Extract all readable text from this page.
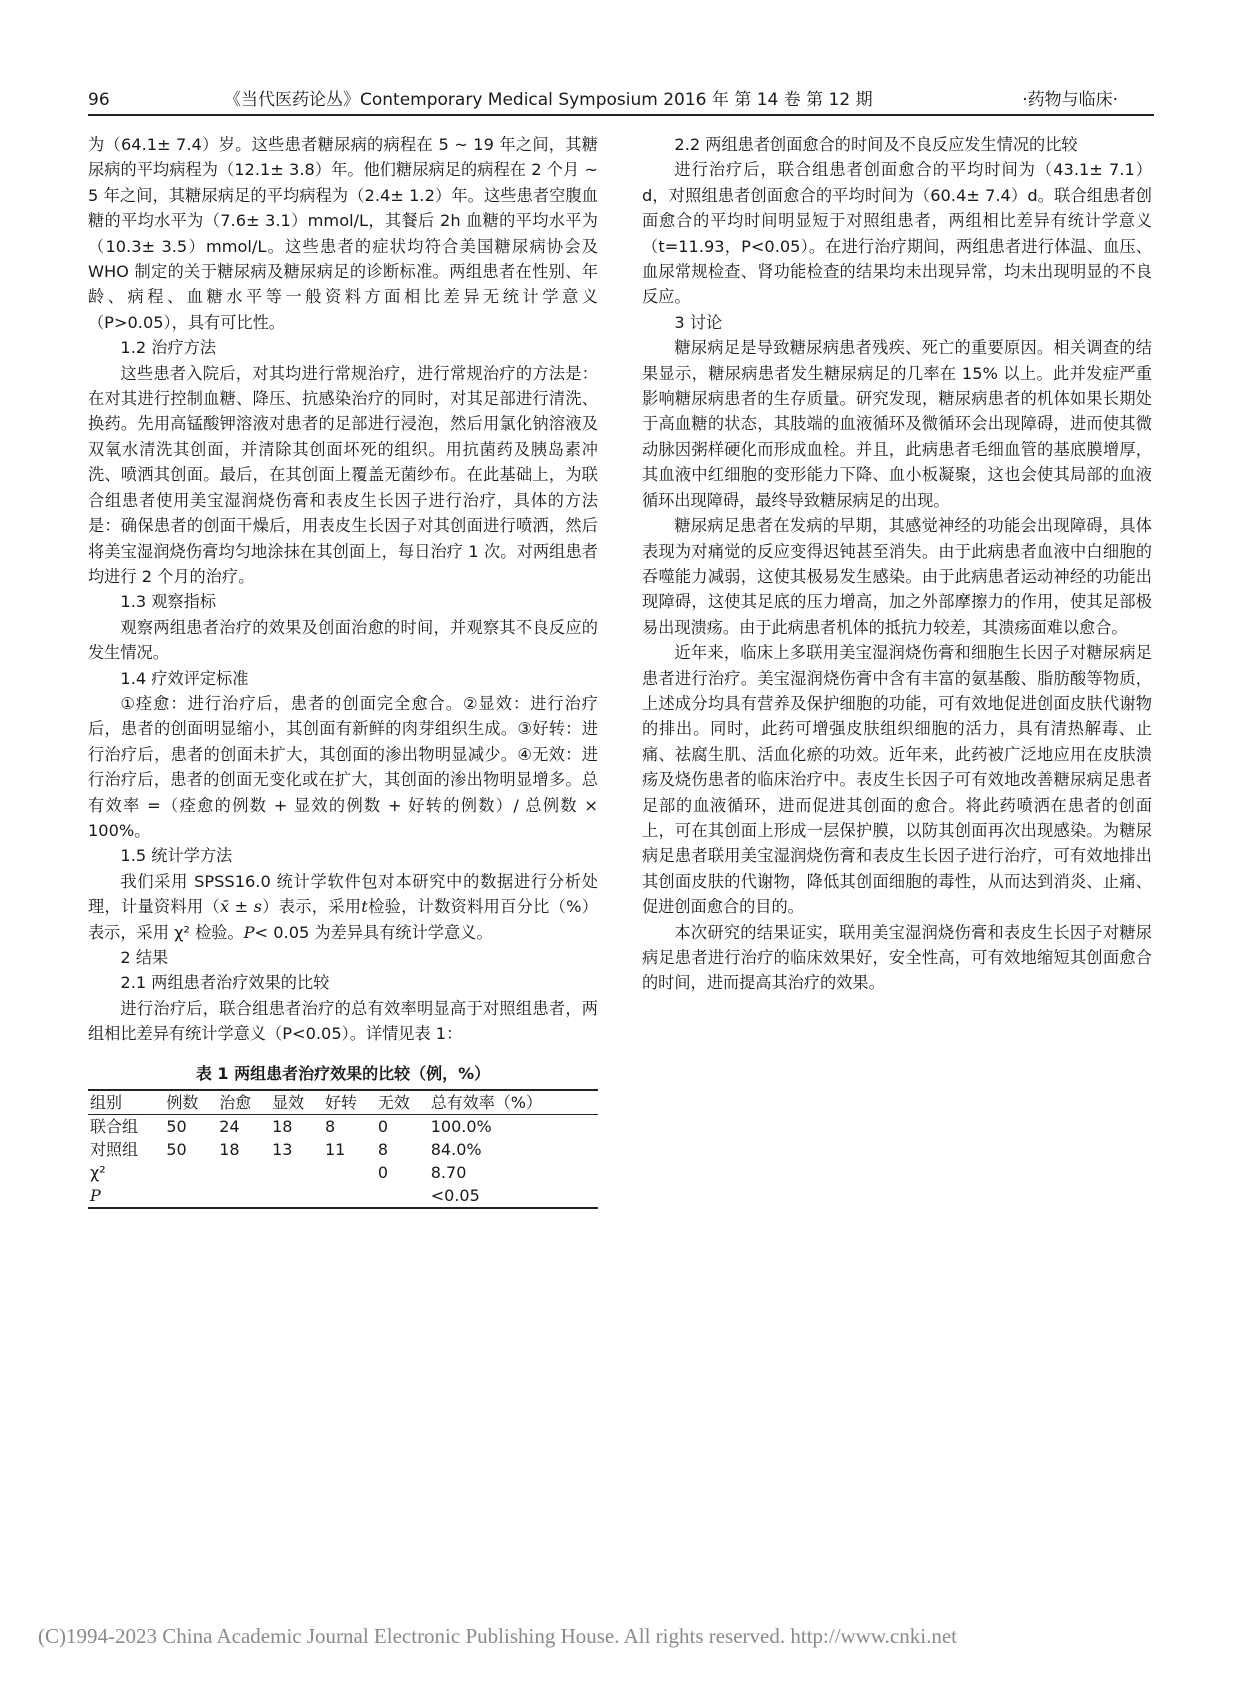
96	《当代医药论丛》Contemporary Medical Symposium 2016 年 第 14 卷 第 12 期	·药物与临床·

为（64.1± 7.4）岁。这些患者糖尿病的病程在 5 ~ 19 年之间，其糖尿病的平均病程为（12.1± 3.8）年。他们糖尿病足的病程在 2 个月 ~ 5 年之间，其糖尿病足的平均病程为（2.4± 1.2）年。这些患者空腹血糖的平均水平为（7.6± 3.1）mmol/L，其餐后 2h 血糖的平均水平为（10.3± 3.5）mmol/L。这些患者的症状均符合美国糖尿病协会及 WHO 制定的关于糖尿病及糖尿病足的诊断标准。两组患者在性别、年龄、病程、血糖水平等一般资料方面相比差异无统计学意义（P>0.05），具有可比性。

1.2 治疗方法

这些患者入院后，对其均进行常规治疗，进行常规治疗的方法是：在对其进行控制血糖、降压、抗感染治疗的同时，对其足部进行清洗、换药。先用高锰酸钾溶液对患者的足部进行浸泡，然后用氯化钠溶液及双氧水清洗其创面，并清除其创面坏死的组织。用抗菌药及胰岛素冲洗、喷洒其创面。最后，在其创面上覆盖无菌纱布。在此基础上，为联合组患者使用美宝湿润烧伤膏和表皮生长因子进行治疗，具体的方法是：确保患者的创面干燥后，用表皮生长因子对其创面进行喷洒，然后将美宝湿润烧伤膏均匀地涂抹在其创面上，每日治疗 1 次。对两组患者均进行 2 个月的治疗。

1.3 观察指标

观察两组患者治疗的效果及创面治愈的时间，并观察其不良反应的发生情况。

1.4 疗效评定标准

①痊愈：进行治疗后，患者的创面完全愈合。②显效：进行治疗后，患者的创面明显缩小，其创面有新鲜的肉芽组织生成。③好转：进行治疗后，患者的创面未扩大，其创面的渗出物明显减少。④无效：进行治疗后，患者的创面无变化或在扩大，其创面的渗出物明显增多。总有效率 =（痊愈的例数 + 显效的例数 + 好转的例数）/ 总例数 × 100%。

1.5 统计学方法

我们采用 SPSS16.0 统计学软件包对本研究中的数据进行分析处理，计量资料用（x̄ ± s）表示，采用t检验，计数资料用百分比（%）表示，采用 χ² 检验。P< 0.05 为差异具有统计学意义。

2 结果

2.1 两组患者治疗效果的比较

进行治疗后，联合组患者治疗的总有效率明显高于对照组患者，两组相比差异有统计学意义（P<0.05）。详情见表 1：

表 1 两组患者治疗效果的比较（例，%）
组别	例数	治愈	显效	好转	无效	总有效率（%）
联合组	50	24	18	8	0	100.0%
对照组	50	18	13	11	8	84.0%
χ²					0	8.70
P						<0.05

2.2 两组患者创面愈合的时间及不良反应发生情况的比较

进行治疗后，联合组患者创面愈合的平均时间为（43.1± 7.1）d，对照组患者创面愈合的平均时间为（60.4± 7.4）d。联合组患者创面愈合的平均时间明显短于对照组患者，两组相比差异有统计学意义（t=11.93，P<0.05）。在进行治疗期间，两组患者进行体温、血压、血尿常规检查、肾功能检查的结果均未出现异常，均未出现明显的不良反应。

3 讨论

糖尿病足是导致糖尿病患者残疾、死亡的重要原因。相关调查的结果显示，糖尿病患者发生糖尿病足的几率在 15% 以上。此并发症严重影响糖尿病患者的生存质量。研究发现，糖尿病患者的机体如果长期处于高血糖的状态，其肢端的血液循环及微循环会出现障碍，进而使其微动脉因粥样硬化而形成血栓。并且，此病患者毛细血管的基底膜增厚，其血液中红细胞的变形能力下降、血小板凝聚，这也会使其局部的血液循环出现障碍，最终导致糖尿病足的出现。

糖尿病足患者在发病的早期，其感觉神经的功能会出现障碍，具体表现为对痛觉的反应变得迟钝甚至消失。由于此病患者血液中白细胞的吞噬能力减弱，这使其极易发生感染。由于此病患者运动神经的功能出现障碍，这使其足底的压力增高，加之外部摩擦力的作用，使其足部极易出现溃疡。由于此病患者机体的抵抗力较差，其溃疡面难以愈合。

近年来，临床上多联用美宝湿润烧伤膏和细胞生长因子对糖尿病足患者进行治疗。美宝湿润烧伤膏中含有丰富的氨基酸、脂肪酸等物质，上述成分均具有营养及保护细胞的功能，可有效地促进创面皮肤代谢物的排出。同时，此药可增强皮肤组织细胞的活力，具有清热解毒、止痛、祛腐生肌、活血化瘀的功效。近年来，此药被广泛地应用在皮肤溃疡及烧伤患者的临床治疗中。表皮生长因子可有效地改善糖尿病足患者足部的血液循环，进而促进其创面的愈合。将此药喷洒在患者的创面上，可在其创面上形成一层保护膜，以防其创面再次出现感染。为糖尿病足患者联用美宝湿润烧伤膏和表皮生长因子进行治疗，可有效地排出其创面皮肤的代谢物，降低其创面细胞的毒性，从而达到消炎、止痛、促进创面愈合的目的。

本次研究的结果证实，联用美宝湿润烧伤膏和表皮生长因子对糖尿病足患者进行治疗的临床效果好，安全性高，可有效地缩短其创面愈合的时间，进而提高其治疗的效果。

(C)1994-2023 China Academic Journal Electronic Publishing House. All rights reserved. http://www.cnki.net
